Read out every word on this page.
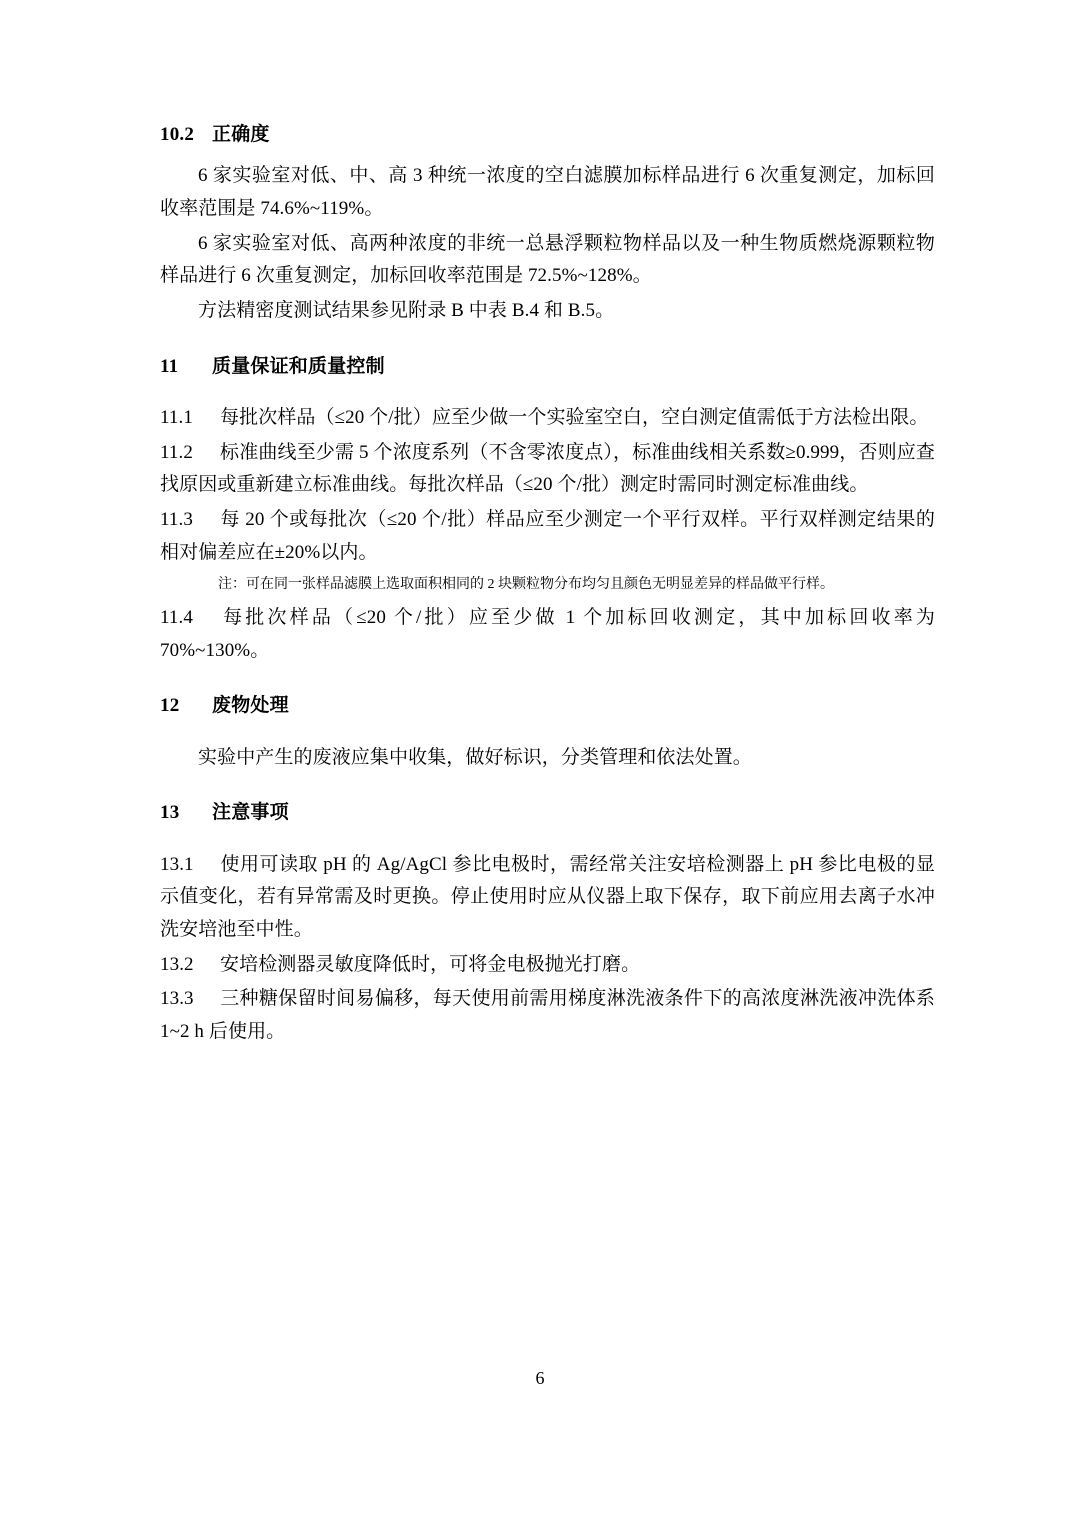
10.2 正确度

6 家实验室对低、中、高 3 种统一浓度的空白滤膜加标样品进行 6 次重复测定，加标回收率范围是 74.6%~119%。

6 家实验室对低、高两种浓度的非统一总悬浮颗粒物样品以及一种生物质燃烧源颗粒物样品进行 6 次重复测定，加标回收率范围是 72.5%~128%。

方法精密度测试结果参见附录 B 中表 B.4 和 B.5。

11 质量保证和质量控制

11.1 每批次样品（≤20 个/批）应至少做一个实验室空白，空白测定值需低于方法检出限。

11.2 标准曲线至少需 5 个浓度系列（不含零浓度点），标准曲线相关系数≥0.999，否则应查找原因或重新建立标准曲线。每批次样品（≤20 个/批）测定时需同时测定标准曲线。

11.3 每 20 个或每批次（≤20 个/批）样品应至少测定一个平行双样。平行双样测定结果的相对偏差应在±20%以内。

注：可在同一张样品滤膜上选取面积相同的 2 块颗粒物分布均匀且颜色无明显差异的样品做平行样。

11.4 每批次样品（≤20 个/批）应至少做 1 个加标回收测定，其中加标回收率为 70%~130%。

12 废物处理

实验中产生的废液应集中收集，做好标识，分类管理和依法处置。

13 注意事项

13.1 使用可读取 pH 的 Ag/AgCl 参比电极时，需经常关注安培检测器上 pH 参比电极的显示值变化，若有异常需及时更换。停止使用时应从仪器上取下保存，取下前应用去离子水冲洗安培池至中性。

13.2 安培检测器灵敏度降低时，可将金电极抛光打磨。

13.3 三种糖保留时间易偏移，每天使用前需用梯度淋洗液条件下的高浓度淋洗液冲洗体系 1~2 h 后使用。

6
